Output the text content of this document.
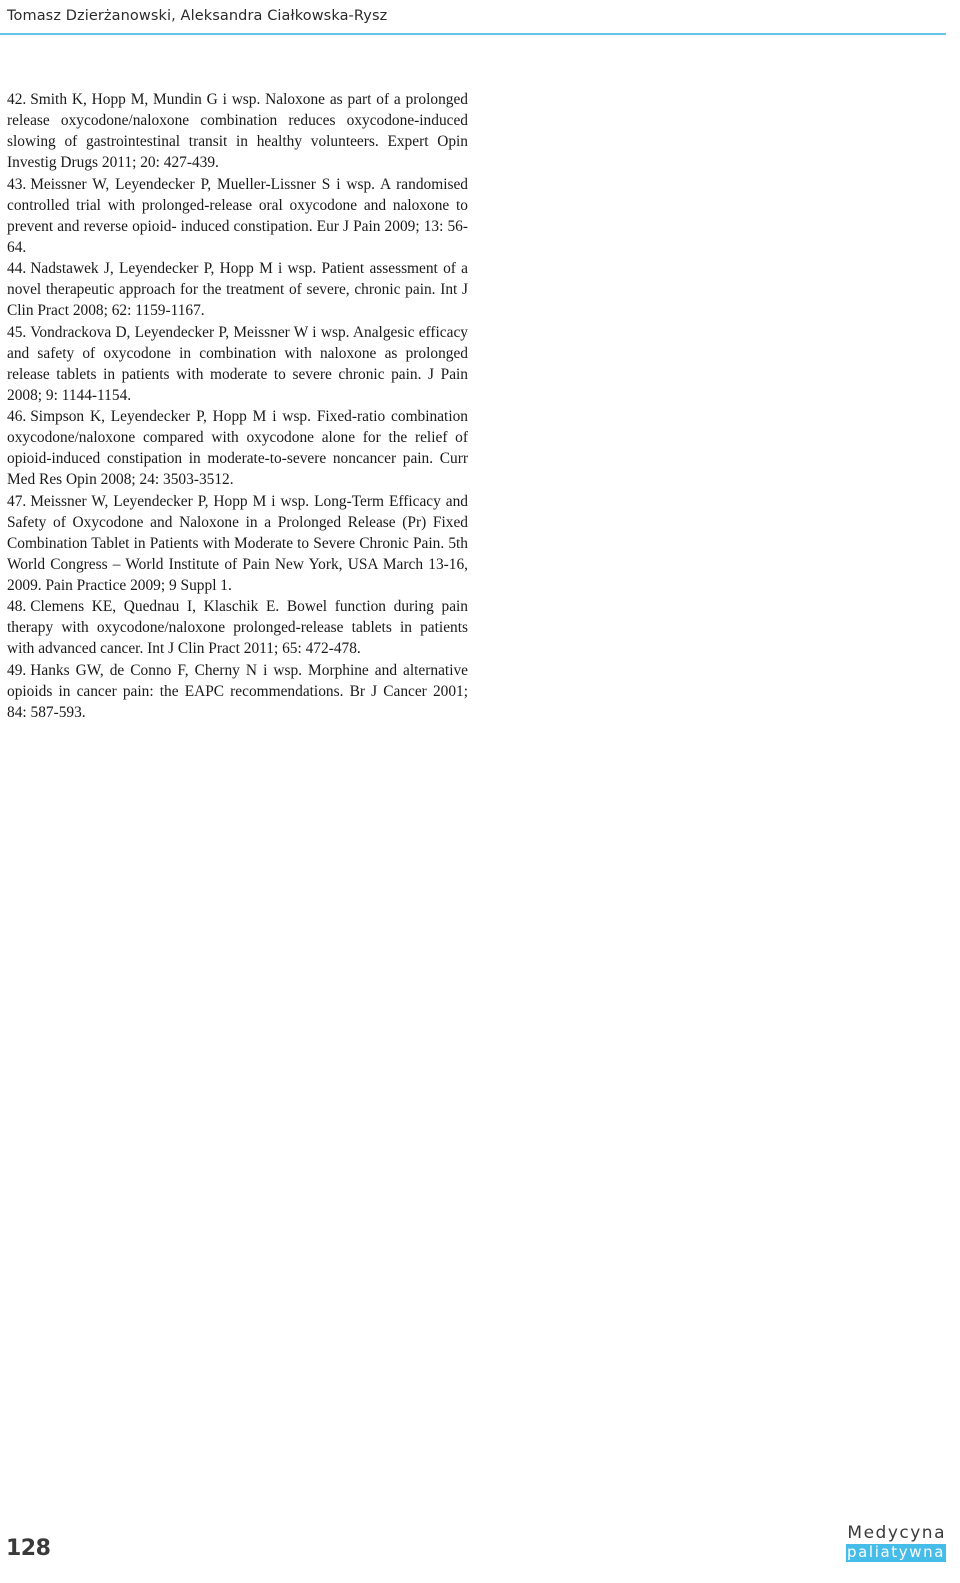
Tomasz Dzierżanowski, Aleksandra Ciałkowska-Rysz
42. Smith K, Hopp M, Mundin G i wsp. Naloxone as part of a prolonged release oxycodone/naloxone combination reduces oxycodone-induced slowing of gastrointestinal transit in healthy volunteers. Expert Opin Investig Drugs 2011; 20: 427-439.
43. Meissner W, Leyendecker P, Mueller-Lissner S i wsp. A randomised controlled trial with prolonged-release oral oxycodone and naloxone to prevent and reverse opioid- induced constipation. Eur J Pain 2009; 13: 56-64.
44. Nadstawek J, Leyendecker P, Hopp M i wsp. Patient assessment of a novel therapeutic approach for the treatment of severe, chronic pain. Int J Clin Pract 2008; 62: 1159-1167.
45. Vondrackova D, Leyendecker P, Meissner W i wsp. Analgesic efficacy and safety of oxycodone in combination with naloxone as prolonged release tablets in patients with moderate to severe chronic pain. J Pain 2008; 9: 1144-1154.
46. Simpson K, Leyendecker P, Hopp M i wsp. Fixed-ratio combination oxycodone/naloxone compared with oxycodone alone for the relief of opioid-induced constipation in moderate-to-severe noncancer pain. Curr Med Res Opin 2008; 24: 3503-3512.
47. Meissner W, Leyendecker P, Hopp M i wsp. Long-Term Efficacy and Safety of Oxycodone and Naloxone in a Prolonged Release (Pr) Fixed Combination Tablet in Patients with Moderate to Severe Chronic Pain. 5th World Congress – World Institute of Pain New York, USA March 13-16, 2009. Pain Practice 2009; 9 Suppl 1.
48. Clemens KE, Quednau I, Klaschik E. Bowel function during pain therapy with oxycodone/naloxone prolonged-release tablets in patients with advanced cancer. Int J Clin Pract 2011; 65: 472-478.
49. Hanks GW, de Conno F, Cherny N i wsp. Morphine and alternative opioids in cancer pain: the EAPC recommendations. Br J Cancer 2001; 84: 587-593.
128
Medycyna
paliatywna
